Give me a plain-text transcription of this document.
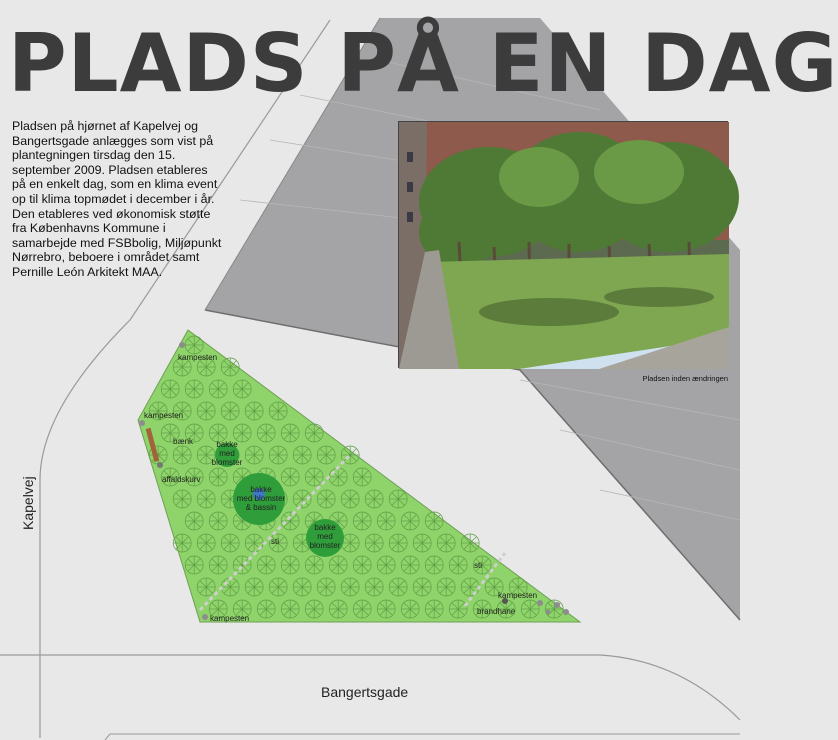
PLADS PÅ EN DAG

Pladsen på hjørnet af Kapelvej og Bangertsgade anlægges som vist på plantegningen tirsdag den 15. september 2009. Pladsen etableres på en enkelt dag, som en klima event op til klima topmødet i december i år. Den etableres ved økonomisk støtte fra Københavns Kommune i samarbejde med FSBbolig, Miljøpunkt Nørrebro, beboere i området samt Pernille León Arkitekt MAA.

Pladsen inden ændringen
Bangertsgade
Kapelvej
kampesten
kampesten
bænk
affaldskurv
bakke
med
blomster
bakke
med blomster
& bassin
bakke
med
blomster
sti
sti
kampesten
brandhane
kampesten
